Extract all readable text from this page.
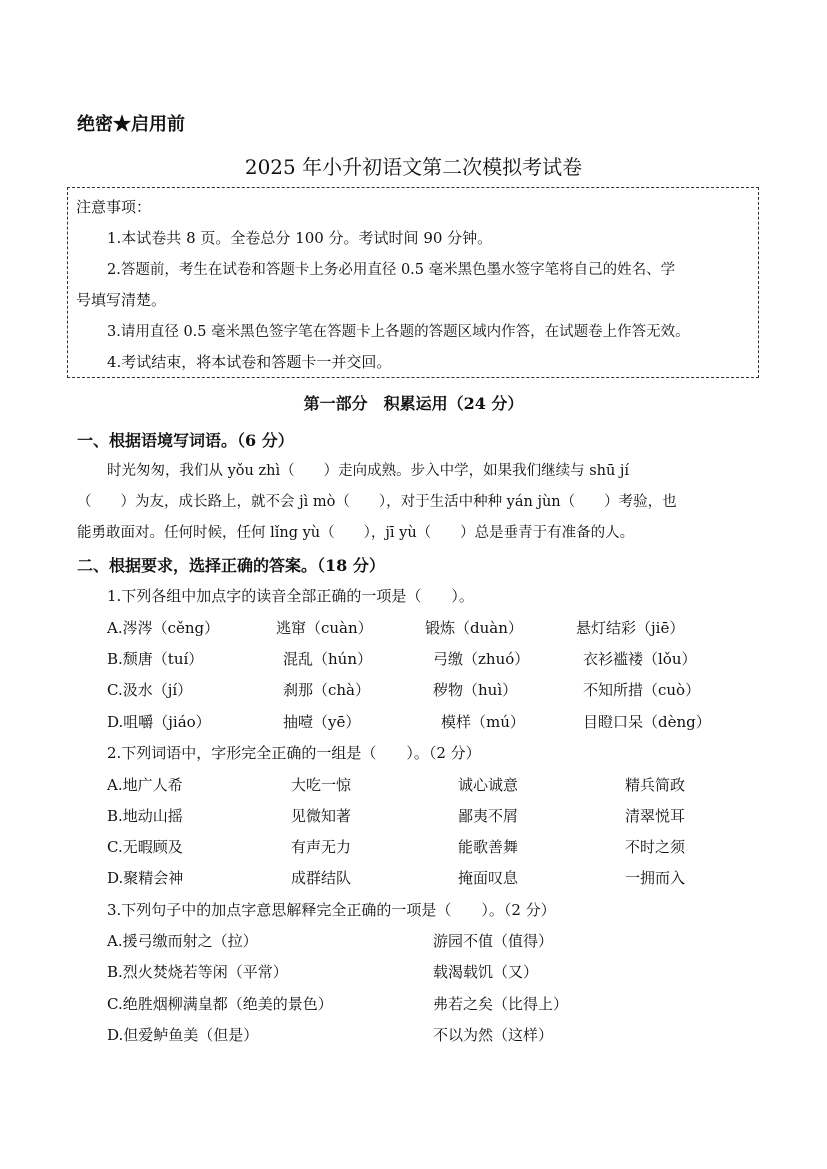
绝密★启用前
2025 年小升初语文第二次模拟考试卷
注意事项：
1.本试卷共 8 页。全卷总分 100 分。考试时间 90 分钟。
2.答题前，考生在试卷和答题卡上务必用直径 0.5 毫米黑色墨水签字笔将自己的姓名、学
号填写清楚。
3.请用直径 0.5 毫米黑色签字笔在答题卡上各题的答题区域内作答，在试题卷上作答无效。
4.考试结束，将本试卷和答题卡一并交回。
第一部分　积累运用（24 分）
一、根据语境写词语。（6 分）
时光匆匆，我们从 yǒu zhì（　　）走向成熟。步入中学，如果我们继续与 shū jí
（　　）为友，成长路上，就不会 jì mò（　　），对于生活中种种 yán jùn（　　）考验，也
能勇敢面对。任何时候，任何 lǐng yù（　　），jī yù（　　）总是垂青于有准备的人。
二、根据要求，选择正确的答案。（18 分）
1.下列各组中加点字的读音全部正确的一项是（　　）。
A.涔涔（cěng）	逃窜（cuàn）	锻炼（duàn）	悬灯结彩（jiē）
B.颓唐（tuí）	混乱（hún）	弓缴（zhuó）	衣衫褴褛（lǒu）
C.汲水（jí）	刹那（chà）	秽物（huì）	不知所措（cuò）
D.咀嚼（jiáo）	抽噎（yē）	模样（mú）	目瞪口呆（dèng）
2.下列词语中，字形完全正确的一组是（　　）。（2 分）
A.地广人希	大吃一惊	诚心诚意	精兵简政
B.地动山摇	见微知著	鄙夷不屑	清翠悦耳
C.无暇顾及	有声无力	能歌善舞	不时之须
D.聚精会神	成群结队	掩面叹息	一拥而入
3.下列句子中的加点字意思解释完全正确的一项是（　　）。（2 分）
A.援弓缴而射之（拉）	游园不值（值得）
B.烈火焚烧若等闲（平常）	载渴载饥（又）
C.绝胜烟柳满皇都（绝美的景色）	弗若之矣（比得上）
D.但爱鲈鱼美（但是）	不以为然（这样）
